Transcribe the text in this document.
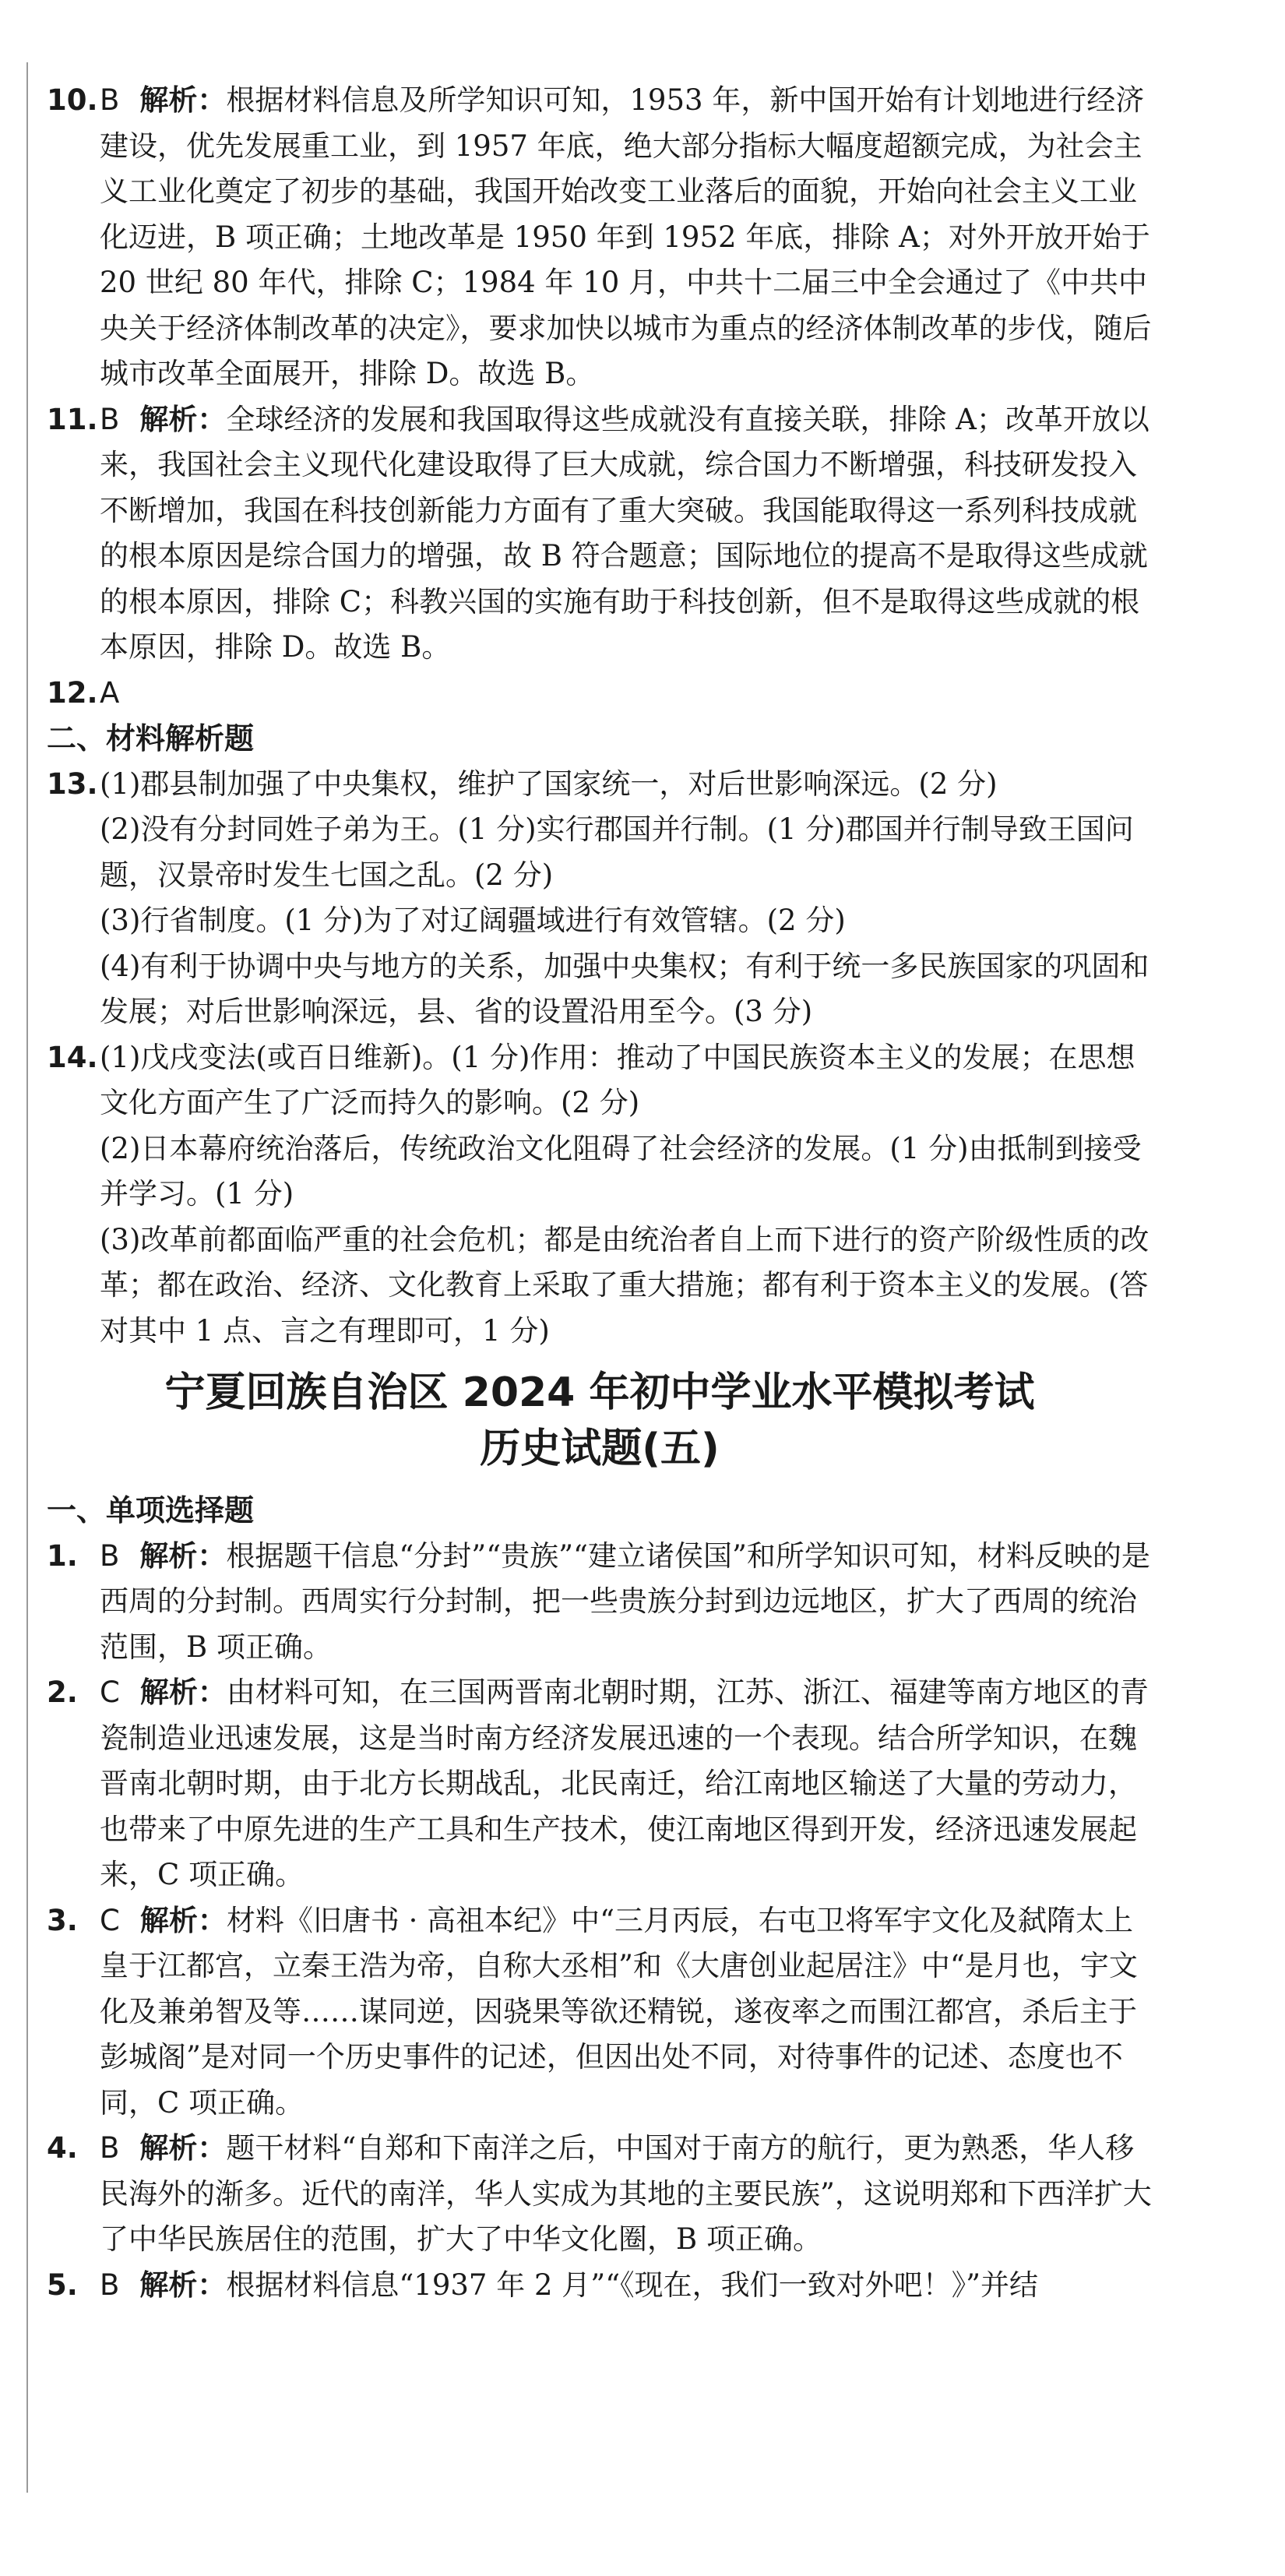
10. B 解析：根据材料信息及所学知识可知，1953 年，新中国开始有计划地进行经济建设，优先发展重工业，到 1957 年底，绝大部分指标大幅度超额完成，为社会主义工业化奠定了初步的基础，我国开始改变工业落后的面貌，开始向社会主义工业化迈进，B 项正确；土地改革是 1950 年到 1952 年底，排除 A；对外开放开始于 20 世纪 80 年代，排除 C；1984 年 10 月，中共十二届三中全会通过了《中共中央关于经济体制改革的决定》，要求加快以城市为重点的经济体制改革的步伐，随后城市改革全面展开，排除 D。故选 B。
11. B 解析：全球经济的发展和我国取得这些成就没有直接关联，排除 A；改革开放以来，我国社会主义现代化建设取得了巨大成就，综合国力不断增强，科技研发投入不断增加，我国在科技创新能力方面有了重大突破。我国能取得这一系列科技成就的根本原因是综合国力的增强，故 B 符合题意；国际地位的提高不是取得这些成就的根本原因，排除 C；科教兴国的实施有助于科技创新，但不是取得这些成就的根本原因，排除 D。故选 B。
12. A
二、材料解析题
13. (1)郡县制加强了中央集权，维护了国家统一，对后世影响深远。(2 分)
(2)没有分封同姓子弟为王。(1 分)实行郡国并行制。(1 分)郡国并行制导致王国问题，汉景帝时发生七国之乱。(2 分)
(3)行省制度。(1 分)为了对辽阔疆域进行有效管辖。(2 分)
(4)有利于协调中央与地方的关系，加强中央集权；有利于统一多民族国家的巩固和发展；对后世影响深远，县、省的设置沿用至今。(3 分)
14. (1)戊戌变法(或百日维新)。(1 分)作用：推动了中国民族资本主义的发展；在思想文化方面产生了广泛而持久的影响。(2 分)
(2)日本幕府统治落后，传统政治文化阻碍了社会经济的发展。(1 分)由抵制到接受并学习。(1 分)
(3)改革前都面临严重的社会危机；都是由统治者自上而下进行的资产阶级性质的改革；都在政治、经济、文化教育上采取了重大措施；都有利于资本主义的发展。(答对其中 1 点、言之有理即可，1 分)
宁夏回族自治区 2024 年初中学业水平模拟考试
历史试题(五)
一、单项选择题
1. B 解析：根据题干信息“分封”“贵族”“建立诸侯国”和所学知识可知，材料反映的是西周的分封制。西周实行分封制，把一些贵族分封到边远地区，扩大了西周的统治范围，B 项正确。
2. C 解析：由材料可知，在三国两晋南北朝时期，江苏、浙江、福建等南方地区的青瓷制造业迅速发展，这是当时南方经济发展迅速的一个表现。结合所学知识，在魏晋南北朝时期，由于北方长期战乱，北民南迁，给江南地区输送了大量的劳动力，也带来了中原先进的生产工具和生产技术，使江南地区得到开发，经济迅速发展起来，C 项正确。
3. C 解析：材料《旧唐书 · 高祖本纪》中“三月丙辰，右屯卫将军宇文化及弑隋太上皇于江都宫，立秦王浩为帝，自称大丞相”和《大唐创业起居注》中“是月也，宇文化及兼弟智及等……谋同逆，因骁果等欲还精锐，遂夜率之而围江都宫，杀后主于彭城阁”是对同一个历史事件的记述，但因出处不同，对待事件的记述、态度也不同，C 项正确。
4. B 解析：题干材料“自郑和下南洋之后，中国对于南方的航行，更为熟悉，华人移民海外的渐多。近代的南洋，华人实成为其地的主要民族”，这说明郑和下西洋扩大了中华民族居住的范围，扩大了中华文化圈，B 项正确。
5. B 解析：根据材料信息“1937 年 2 月”“《现在，我们一致对外吧！》”并结
